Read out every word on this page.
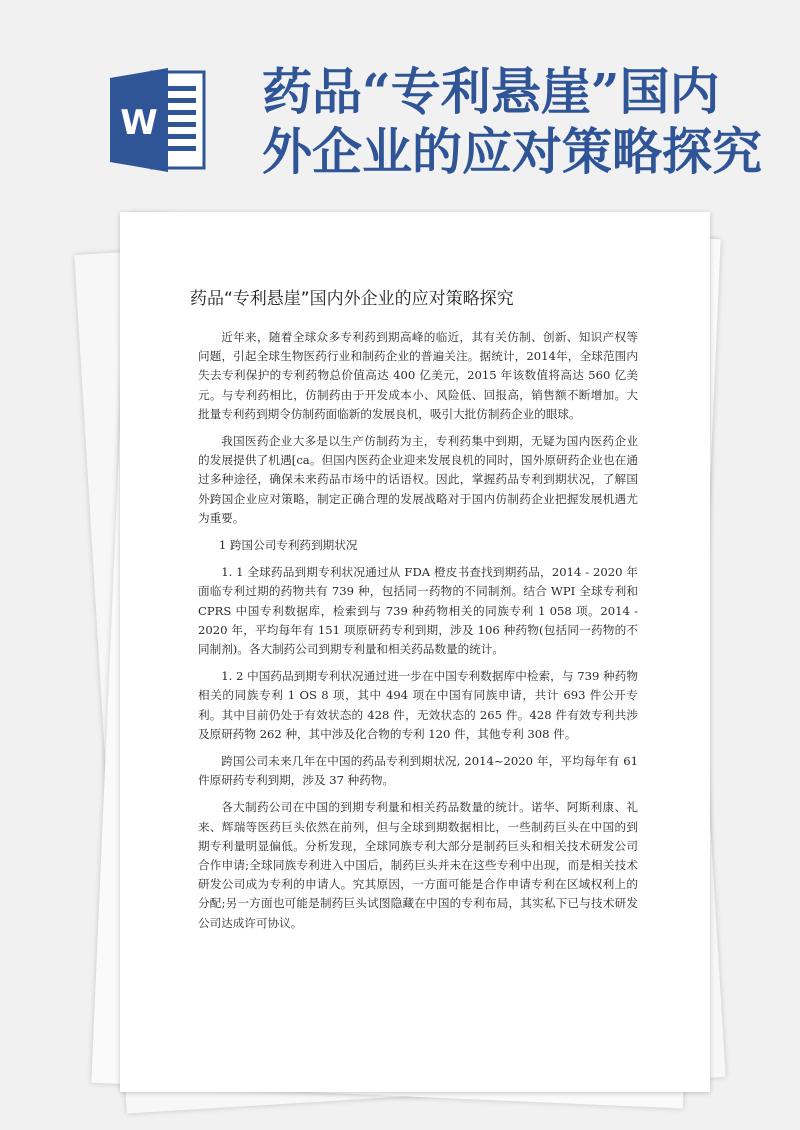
W
药品“专利悬崖”国内
外企业的应对策略探究
药品“专利悬崖”国内外企业的应对策略探究

近年来，随着全球众多专利药到期高峰的临近，其有关仿制、创新、知识产权等问题，引起全球生物医药行业和制药企业的普遍关注。据统计，2014年，全球范围内失去专利保护的专利药物总价值高达 400 亿美元，2015 年该数值将高达 560 亿美元。与专利药相比，仿制药由于开发成本小、风险低、回报高，销售额不断增加。大批量专利药到期令仿制药面临新的发展良机，吸引大批仿制药企业的眼球。

我国医药企业大多是以生产仿制药为主，专利药集中到期，无疑为国内医药企业的发展提供了机遇[ca。但国内医药企业迎来发展良机的同时，国外原研药企业也在通过多种途径，确保未来药品市场中的话语权。因此，掌握药品专利到期状况，了解国外跨国企业应对策略，制定正确合理的发展战略对于国内仿制药企业把握发展机遇尤为重要。

1 跨国公司专利药到期状况

1. 1 全球药品到期专利状况通过从 FDA 橙皮书查找到期药品，2014 - 2020 年面临专利过期的药物共有 739 种，包括同一药物的不同制剂。结合 WPI 全球专利和 CPRS 中国专利数据库，检索到与 739 种药物相关的同族专利 1 058 项。2014 - 2020 年，平均每年有 151 项原研药专利到期，涉及 106 种药物(包括同一药物的不同制剂)。各大制药公司到期专利量和相关药品数量的统计。

1. 2 中国药品到期专利状况通过进一步在中国专利数据库中检索，与 739 种药物相关的同族专利 1 OS 8 项，其中 494 项在中国有同族申请，共计 693 件公开专利。其中目前仍处于有效状态的 428 件，无效状态的 265 件。428 件有效专利共涉及原研药物 262 种，其中涉及化合物的专利 120 件，其他专利 308 件。

跨国公司未来几年在中国的药品专利到期状况, 2014~2020 年，平均每年有 61 件原研药专利到期，涉及 37 种药物。

各大制药公司在中国的到期专利量和相关药品数量的统计。诺华、阿斯利康、礼来、辉瑞等医药巨头依然在前列，但与全球到期数据相比，一些制药巨头在中国的到期专利量明显偏低。分析发现，全球同族专利大部分是制药巨头和相关技术研发公司合作申请;全球同族专利进入中国后，制药巨头并未在这些专利中出现，而是相关技术研发公司成为专利的申请人。究其原因，一方面可能是合作申请专利在区域权利上的分配;另一方面也可能是制药巨头试图隐藏在中国的专利布局，其实私下已与技术研发公司达成许可协议。
